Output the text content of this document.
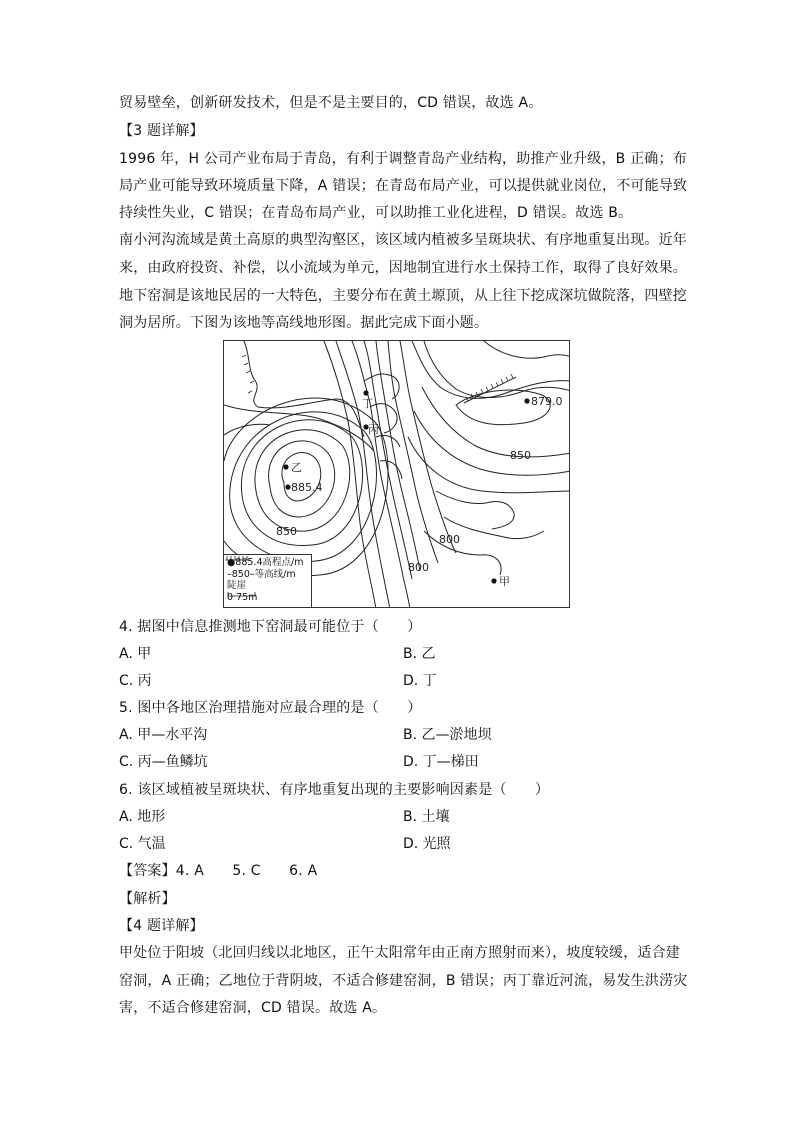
贸易壁垒，创新研发技术，但是不是主要目的，CD 错误，故选 A。
【3 题详解】
1996 年，H 公司产业布局于青岛，有利于调整青岛产业结构，助推产业升级，B 正确；布
局产业可能导致环境质量下降，A 错误；在青岛布局产业，可以提供就业岗位，不可能导致
持续性失业，C 错误；在青岛布局产业，可以助推工业化进程，D 错误。故选 B。
南小河沟流域是黄土高原的典型沟壑区，该区域内植被多呈斑块状、有序地重复出现。近年
来，由政府投资、补偿，以小流域为单元，因地制宜进行水土保持工作，取得了良好效果。
地下窑洞是该地民居的一大特色，主要分布在黄土塬顶，从上往下挖成深坑做院落，四壁挖
洞为居所。下图为该地等高线地形图。据此完成下面小题。
乙
885.4
丁
丙
879.0
甲
850
850
800
800
●885.4高程点/m
–850–等高线/m
陡崖
0 75m
4. 据图中信息推测地下窑洞最可能位于（　　）
A. 甲	B. 乙
C. 丙	D. 丁
5. 图中各地区治理措施对应最合理的是（　　）
A. 甲—水平沟	B. 乙—淤地坝
C. 丙—鱼鳞坑	D. 丁—梯田
6. 该区域植被呈斑块状、有序地重复出现的主要影响因素是（　　）
A. 地形	B. 土壤
C. 气温	D. 光照
【答案】4. A　　5. C　　6. A
【解析】
【4 题详解】
甲处位于阳坡（北回归线以北地区，正午太阳常年由正南方照射而来），坡度较缓，适合建
窑洞，A 正确；乙地位于背阴坡，不适合修建窑洞，B 错误；丙丁靠近河流，易发生洪涝灾
害，不适合修建窑洞，CD 错误。故选 A。
